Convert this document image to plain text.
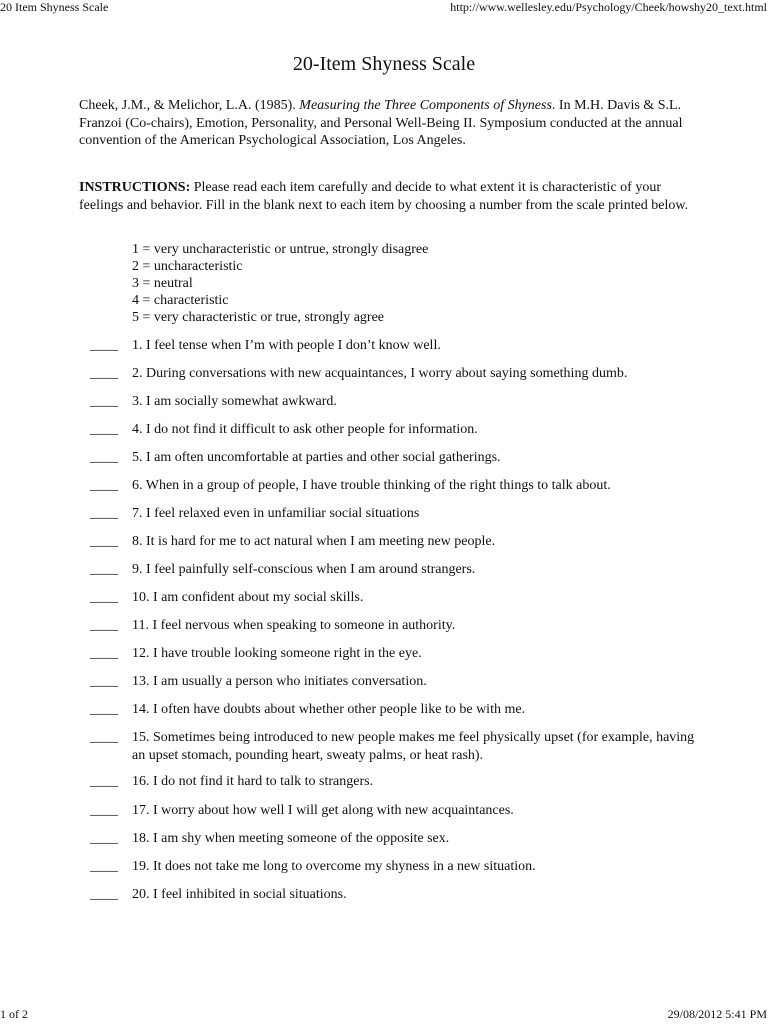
20 Item Shyness Scale	http://www.wellesley.edu/Psychology/Cheek/howshy20_text.html
20-Item Shyness Scale

Cheek, J.M., & Melichor, L.A. (1985). Measuring the Three Components of Shyness. In M.H. Davis & S.L. Franzoi (Co-chairs), Emotion, Personality, and Personal Well-Being II. Symposium conducted at the annual convention of the American Psychological Association, Los Angeles.

INSTRUCTIONS: Please read each item carefully and decide to what extent it is characteristic of your feelings and behavior. Fill in the blank next to each item by choosing a number from the scale printed below.

1 = very uncharacteristic or untrue, strongly disagree
2 = uncharacteristic
3 = neutral
4 = characteristic
5 = very characteristic or true, strongly agree
____	1. I feel tense when I’m with people I don’t know well.
____	2. During conversations with new acquaintances, I worry about saying something dumb.
____	3. I am socially somewhat awkward.
____	4. I do not find it difficult to ask other people for information.
____	5. I am often uncomfortable at parties and other social gatherings.
____	6. When in a group of people, I have trouble thinking of the right things to talk about.
____	7. I feel relaxed even in unfamiliar social situations
____	8. It is hard for me to act natural when I am meeting new people.
____	9. I feel painfully self-conscious when I am around strangers.
____	10. I am confident about my social skills.
____	11. I feel nervous when speaking to someone in authority.
____	12. I have trouble looking someone right in the eye.
____	13. I am usually a person who initiates conversation.
____	14. I often have doubts about whether other people like to be with me.
____	15. Sometimes being introduced to new people makes me feel physically upset (for example, having an upset stomach, pounding heart, sweaty palms, or heat rash).
____	16. I do not find it hard to talk to strangers.
____	17. I worry about how well I will get along with new acquaintances.
____	18. I am shy when meeting someone of the opposite sex.
____	19. It does not take me long to overcome my shyness in a new situation.
____	20. I feel inhibited in social situations.
1 of 2	29/08/2012 5:41 PM
